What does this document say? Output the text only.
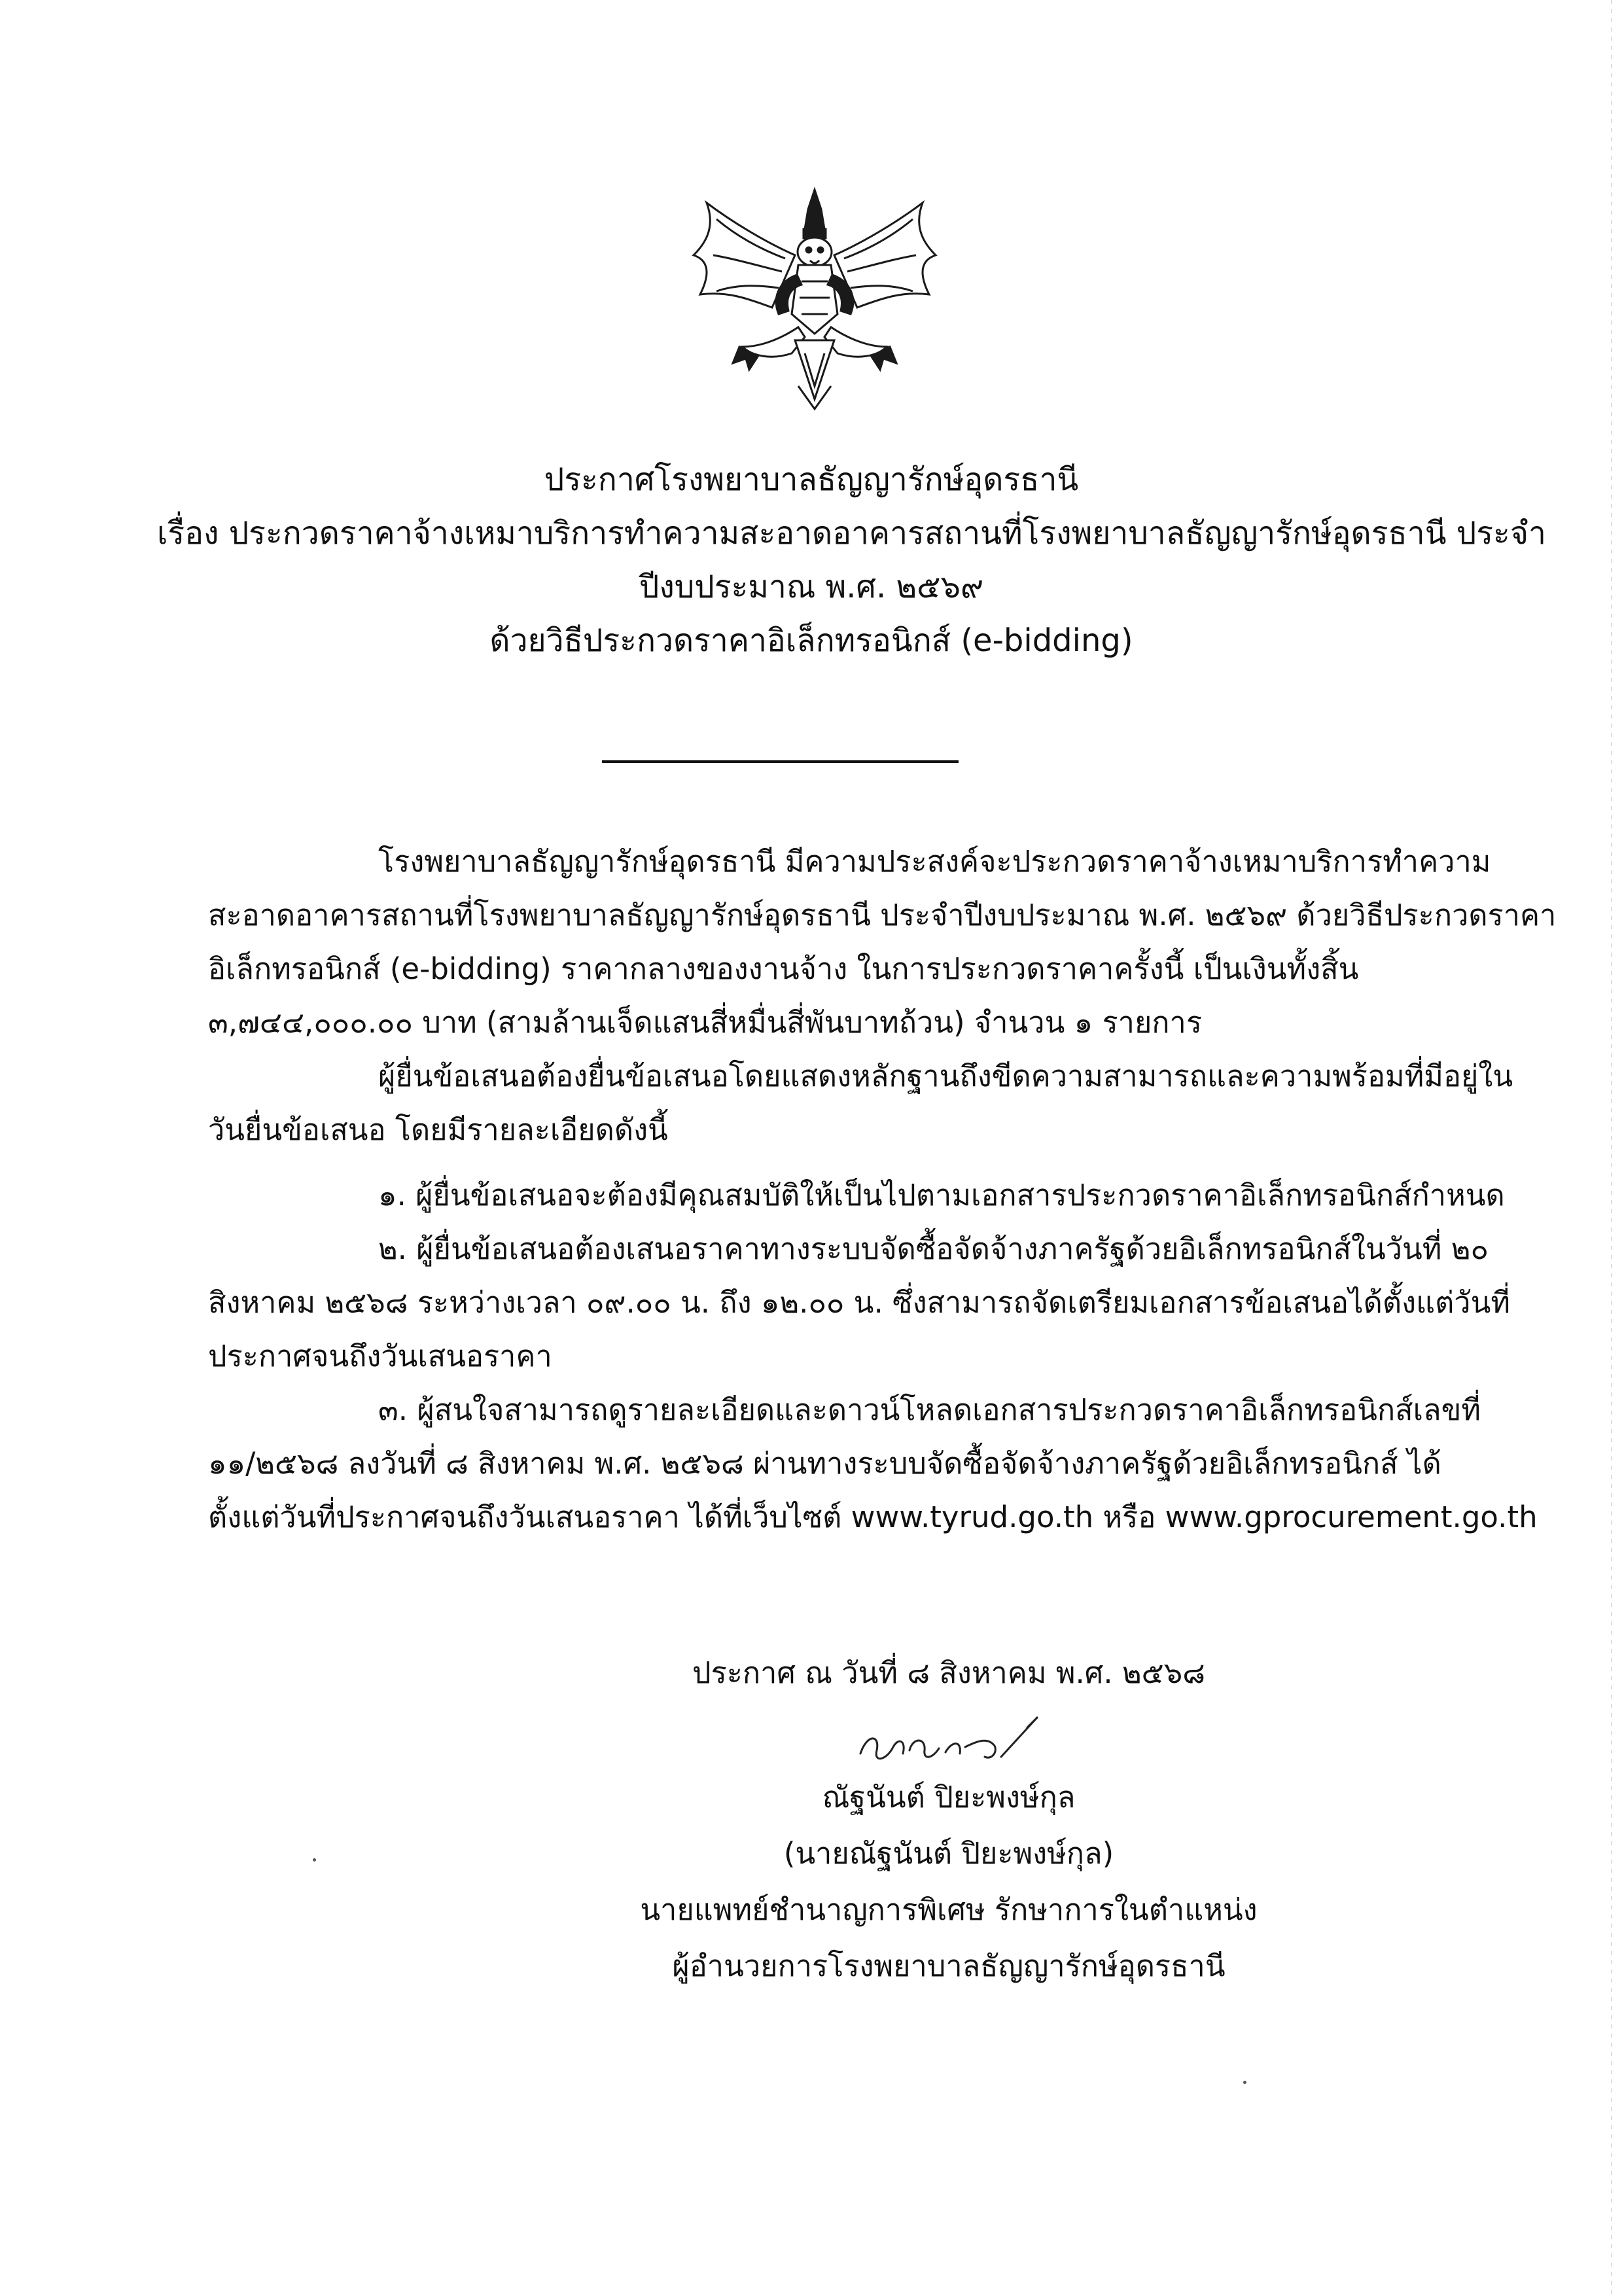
ประกาศโรงพยาบาลธัญญารักษ์อุดรธานี
เรื่อง ประกวดราคาจ้างเหมาบริการทำความสะอาดอาคารสถานที่โรงพยาบาลธัญญารักษ์อุดรธานี ประจำ
ปีงบประมาณ พ.ศ. ๒๕๖๙
ด้วยวิธีประกวดราคาอิเล็กทรอนิกส์ (e-bidding)
โรงพยาบาลธัญญารักษ์อุดรธานี มีความประสงค์จะประกวดราคาจ้างเหมาบริการทำความ
สะอาดอาคารสถานที่โรงพยาบาลธัญญารักษ์อุดรธานี ประจำปีงบประมาณ พ.ศ. ๒๕๖๙ ด้วยวิธีประกวดราคา
อิเล็กทรอนิกส์ (e-bidding) ราคากลางของงานจ้าง ในการประกวดราคาครั้งนี้ เป็นเงินทั้งสิ้น
๓,๗๔๔,๐๐๐.๐๐ บาท (สามล้านเจ็ดแสนสี่หมื่นสี่พันบาทถ้วน) จำนวน ๑ รายการ
ผู้ยื่นข้อเสนอต้องยื่นข้อเสนอโดยแสดงหลักฐานถึงขีดความสามารถและความพร้อมที่มีอยู่ใน
วันยื่นข้อเสนอ โดยมีรายละเอียดดังนี้
๑. ผู้ยื่นข้อเสนอจะต้องมีคุณสมบัติให้เป็นไปตามเอกสารประกวดราคาอิเล็กทรอนิกส์กำหนด
๒. ผู้ยื่นข้อเสนอต้องเสนอราคาทางระบบจัดซื้อจัดจ้างภาครัฐด้วยอิเล็กทรอนิกส์ในวันที่ ๒๐
สิงหาคม ๒๕๖๘ ระหว่างเวลา ๐๙.๐๐ น. ถึง ๑๒.๐๐ น. ซึ่งสามารถจัดเตรียมเอกสารข้อเสนอได้ตั้งแต่วันที่
ประกาศจนถึงวันเสนอราคา
๓. ผู้สนใจสามารถดูรายละเอียดและดาวน์โหลดเอกสารประกวดราคาอิเล็กทรอนิกส์เลขที่
๑๑/๒๕๖๘ ลงวันที่ ๘ สิงหาคม พ.ศ. ๒๕๖๘ ผ่านทางระบบจัดซื้อจัดจ้างภาครัฐด้วยอิเล็กทรอนิกส์ ได้
ตั้งแต่วันที่ประกาศจนถึงวันเสนอราคา ได้ที่เว็บไซต์ www.tyrud.go.th หรือ www.gprocurement.go.th
ประกาศ ณ วันที่ ๘ สิงหาคม พ.ศ. ๒๕๖๘
ณัฐนันต์ ปิยะพงษ์กุล
(นายณัฐนันต์ ปิยะพงษ์กุล)
นายแพทย์ชำนาญการพิเศษ รักษาการในตำแหน่ง
ผู้อำนวยการโรงพยาบาลธัญญารักษ์อุดรธานี
